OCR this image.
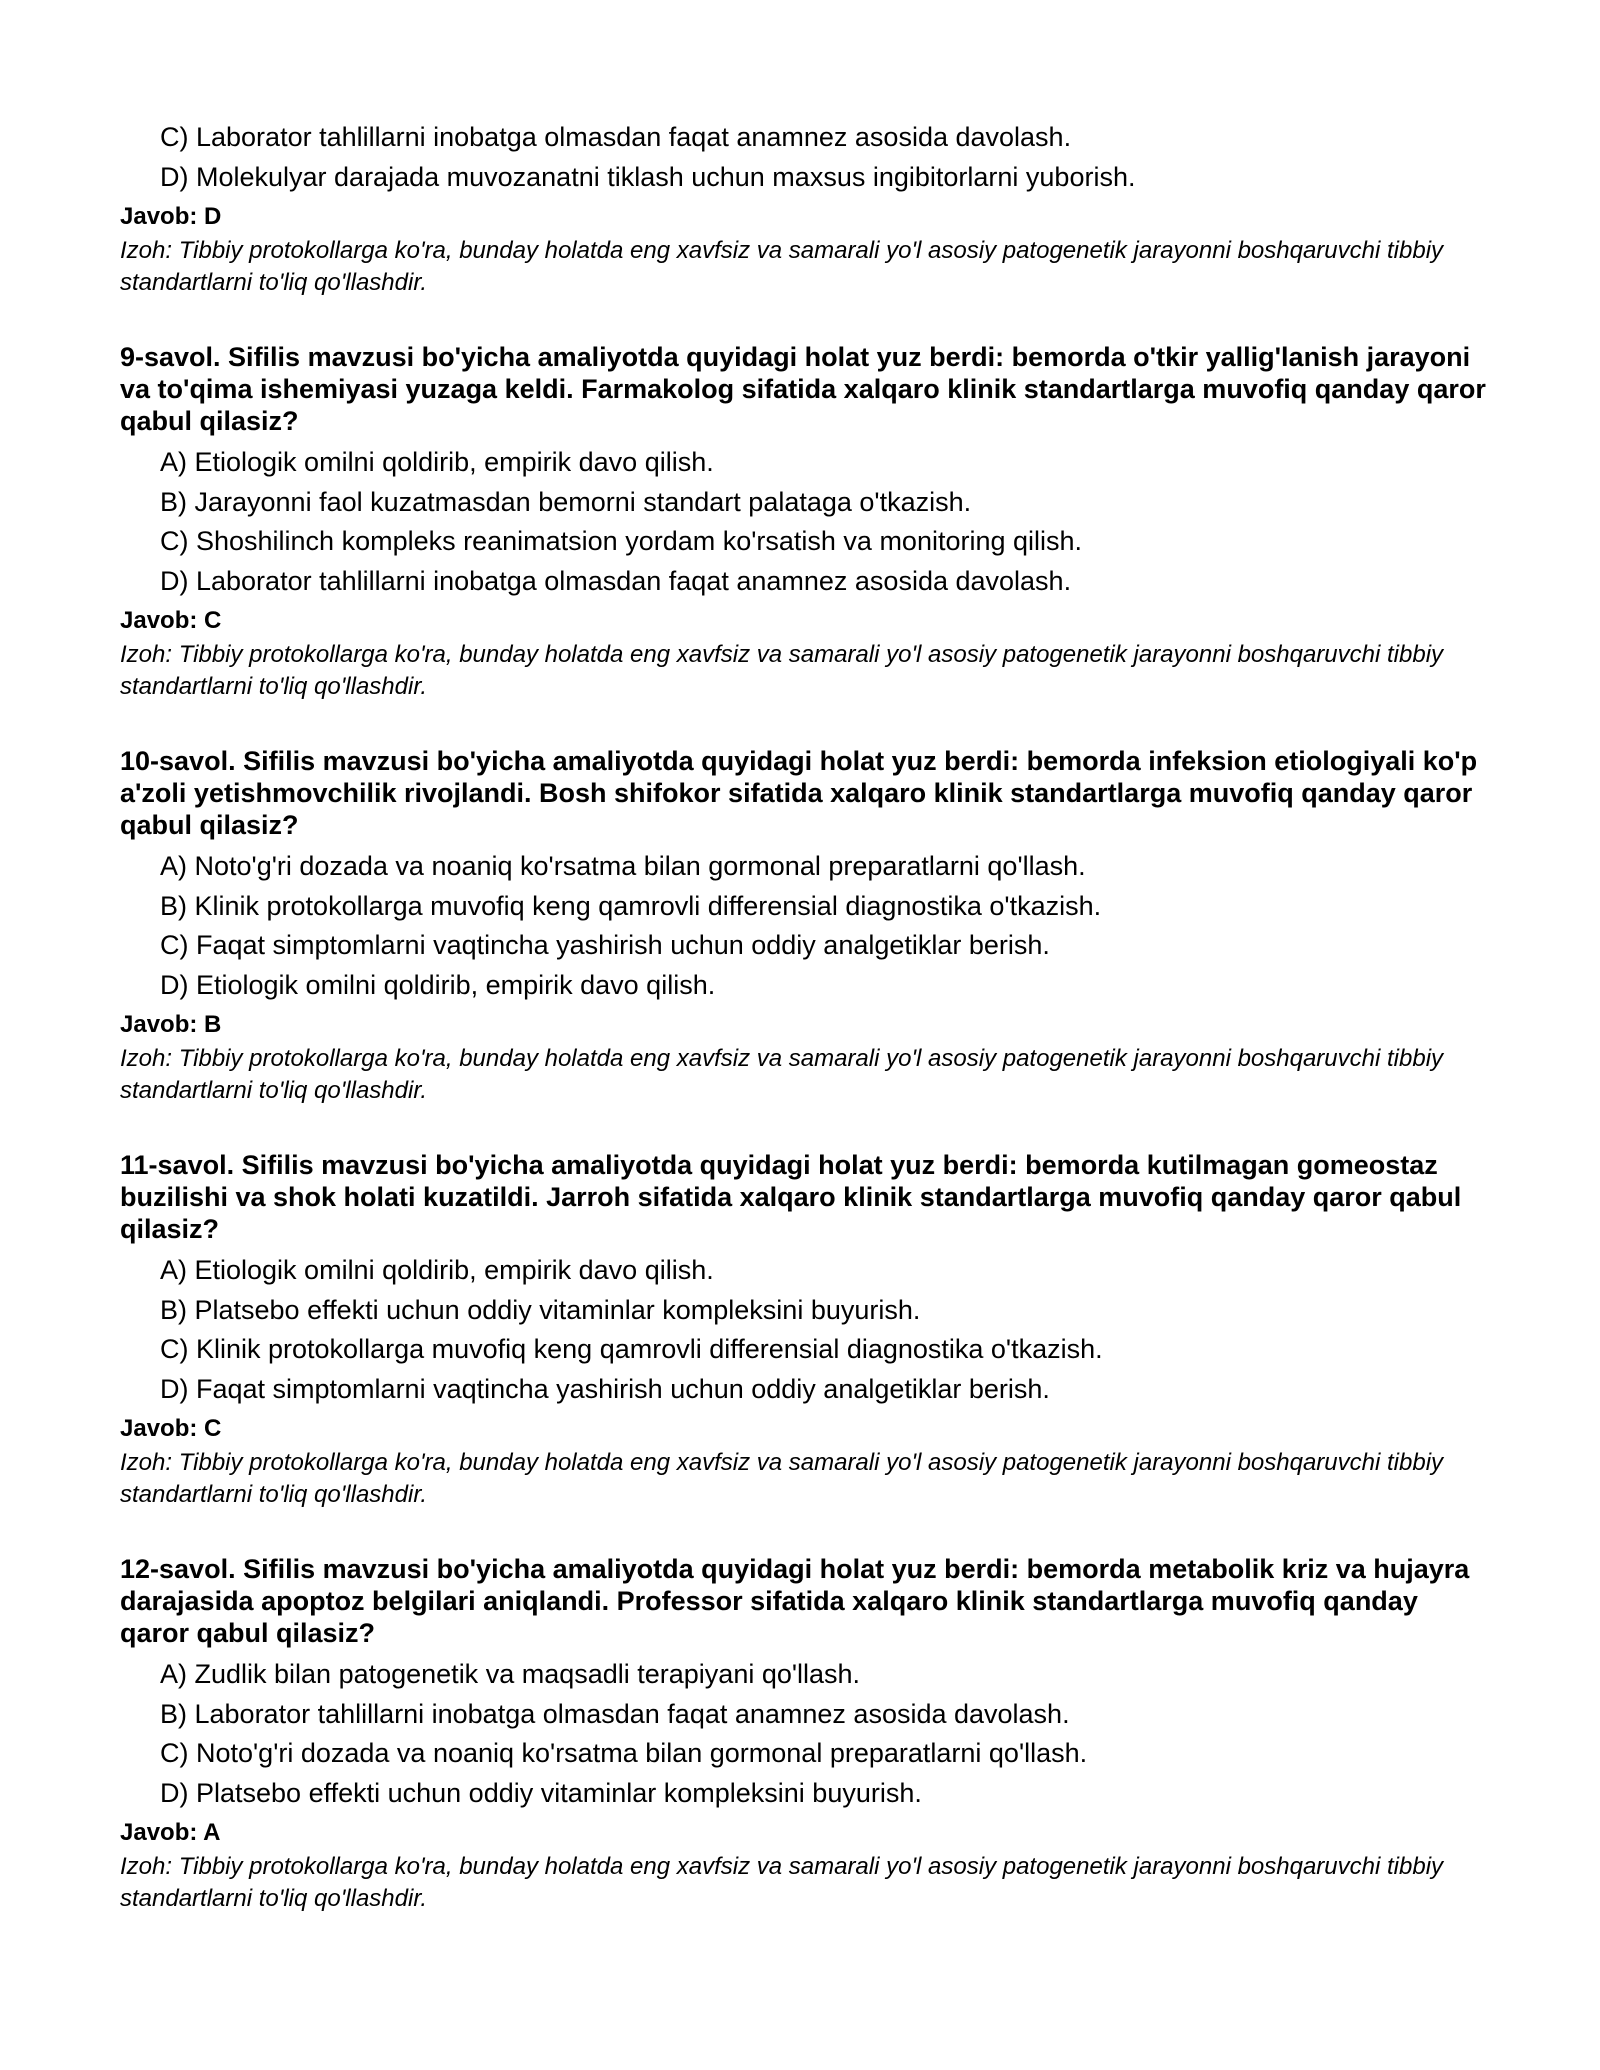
C) Laborator tahlillarni inobatga olmasdan faqat anamnez asosida davolash.

D) Molekulyar darajada muvozanatni tiklash uchun maxsus ingibitorlarni yuborish.

Javob: D

Izoh: Tibbiy protokollarga ko'ra, bunday holatda eng xavfsiz va samarali yo'l asosiy patogenetik jarayonni boshqaruvchi tibbiy standartlarni to'liq qo'llashdir.

9-savol. Sifilis mavzusi bo'yicha amaliyotda quyidagi holat yuz berdi: bemorda o'tkir yallig'lanish jarayoni va to'qima ishemiyasi yuzaga keldi. Farmakolog sifatida xalqaro klinik standartlarga muvofiq qanday qaror qabul qilasiz?

A) Etiologik omilni qoldirib, empirik davo qilish.

B) Jarayonni faol kuzatmasdan bemorni standart palataga o'tkazish.

C) Shoshilinch kompleks reanimatsion yordam ko'rsatish va monitoring qilish.

D) Laborator tahlillarni inobatga olmasdan faqat anamnez asosida davolash.

Javob: C

Izoh: Tibbiy protokollarga ko'ra, bunday holatda eng xavfsiz va samarali yo'l asosiy patogenetik jarayonni boshqaruvchi tibbiy standartlarni to'liq qo'llashdir.

10-savol. Sifilis mavzusi bo'yicha amaliyotda quyidagi holat yuz berdi: bemorda infeksion etiologiyali ko'p a'zoli yetishmovchilik rivojlandi. Bosh shifokor sifatida xalqaro klinik standartlarga muvofiq qanday qaror qabul qilasiz?

A) Noto'g'ri dozada va noaniq ko'rsatma bilan gormonal preparatlarni qo'llash.

B) Klinik protokollarga muvofiq keng qamrovli differensial diagnostika o'tkazish.

C) Faqat simptomlarni vaqtincha yashirish uchun oddiy analgetiklar berish.

D) Etiologik omilni qoldirib, empirik davo qilish.

Javob: B

Izoh: Tibbiy protokollarga ko'ra, bunday holatda eng xavfsiz va samarali yo'l asosiy patogenetik jarayonni boshqaruvchi tibbiy standartlarni to'liq qo'llashdir.

11-savol. Sifilis mavzusi bo'yicha amaliyotda quyidagi holat yuz berdi: bemorda kutilmagan gomeostaz buzilishi va shok holati kuzatildi. Jarroh sifatida xalqaro klinik standartlarga muvofiq qanday qaror qabul qilasiz?

A) Etiologik omilni qoldirib, empirik davo qilish.

B) Platsebo effekti uchun oddiy vitaminlar kompleksini buyurish.

C) Klinik protokollarga muvofiq keng qamrovli differensial diagnostika o'tkazish.

D) Faqat simptomlarni vaqtincha yashirish uchun oddiy analgetiklar berish.

Javob: C

Izoh: Tibbiy protokollarga ko'ra, bunday holatda eng xavfsiz va samarali yo'l asosiy patogenetik jarayonni boshqaruvchi tibbiy standartlarni to'liq qo'llashdir.

12-savol. Sifilis mavzusi bo'yicha amaliyotda quyidagi holat yuz berdi: bemorda metabolik kriz va hujayra darajasida apoptoz belgilari aniqlandi. Professor sifatida xalqaro klinik standartlarga muvofiq qanday qaror qabul qilasiz?

A) Zudlik bilan patogenetik va maqsadli terapiyani qo'llash.

B) Laborator tahlillarni inobatga olmasdan faqat anamnez asosida davolash.

C) Noto'g'ri dozada va noaniq ko'rsatma bilan gormonal preparatlarni qo'llash.

D) Platsebo effekti uchun oddiy vitaminlar kompleksini buyurish.

Javob: A

Izoh: Tibbiy protokollarga ko'ra, bunday holatda eng xavfsiz va samarali yo'l asosiy patogenetik jarayonni boshqaruvchi tibbiy standartlarni to'liq qo'llashdir.
